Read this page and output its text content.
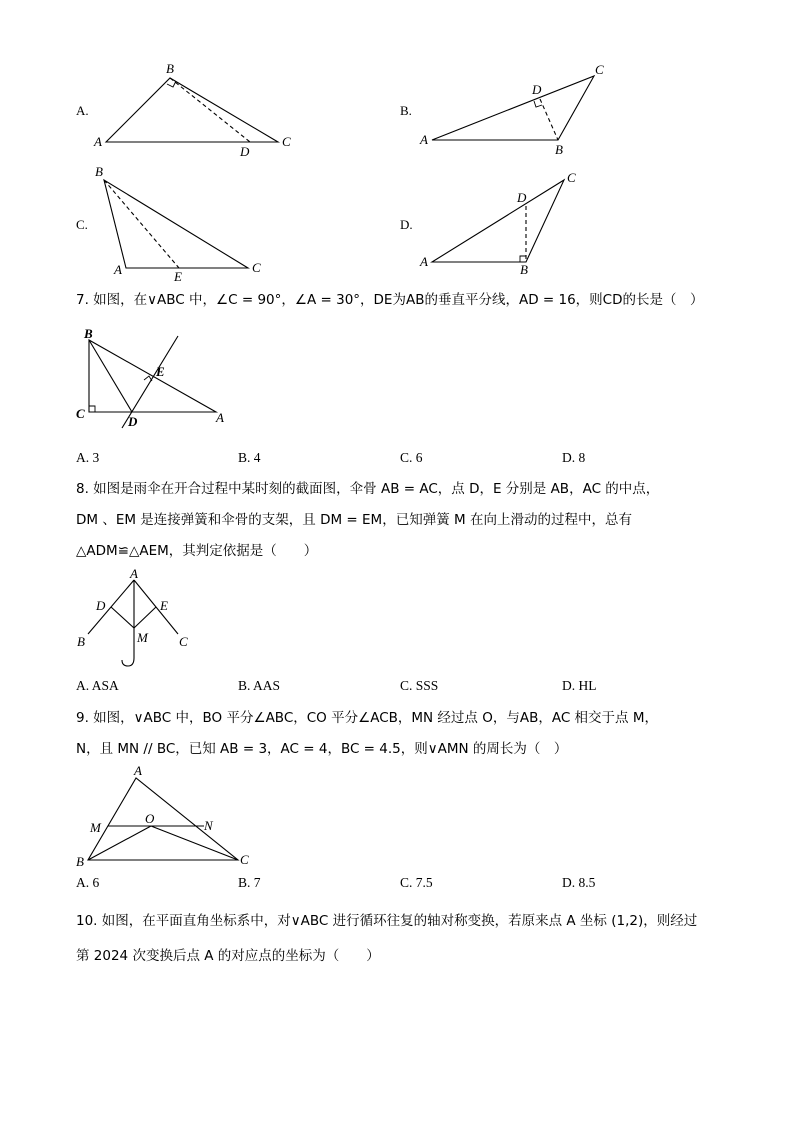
A.
A
B
C
D
B.
A
B
C
D
C.
B
A	C
E
D.
A
B
C
D
7. 如图，在∨ABC 中，∠C = 90°，∠A = 30°，DE为AB的垂直平分线，AD = 16，则CD的长是（　）
B
C
D
E
A
A. 3	B. 4	C. 6	D. 8
8. 如图是雨伞在开合过程中某时刻的截面图，伞骨 AB = AC，点 D，E 分别是 AB，AC 的中点，
DM 、EM 是连接弹簧和伞骨的支架，且 DM = EM，已知弹簧 M 在向上滑动的过程中，总有
△ADM≌△AEM，其判定依据是（　　）
A
D	E
M
B	C
A. ASA	B. AAS	C. SSS	D. HL
9. 如图，∨ABC 中，BO 平分∠ABC，CO 平分∠ACB，MN 经过点 O，与AB，AC 相交于点 M，
N，且 MN // BC，已知 AB = 3，AC = 4，BC = 4.5，则∨AMN 的周长为（　）
A
M
O	N
B	C
A. 6	B. 7	C. 7.5	D. 8.5
10. 如图，在平面直角坐标系中，对∨ABC 进行循环往复的轴对称变换，若原来点 A 坐标 (1,2)，则经过
第 2024 次变换后点 A 的对应点的坐标为（　　）
